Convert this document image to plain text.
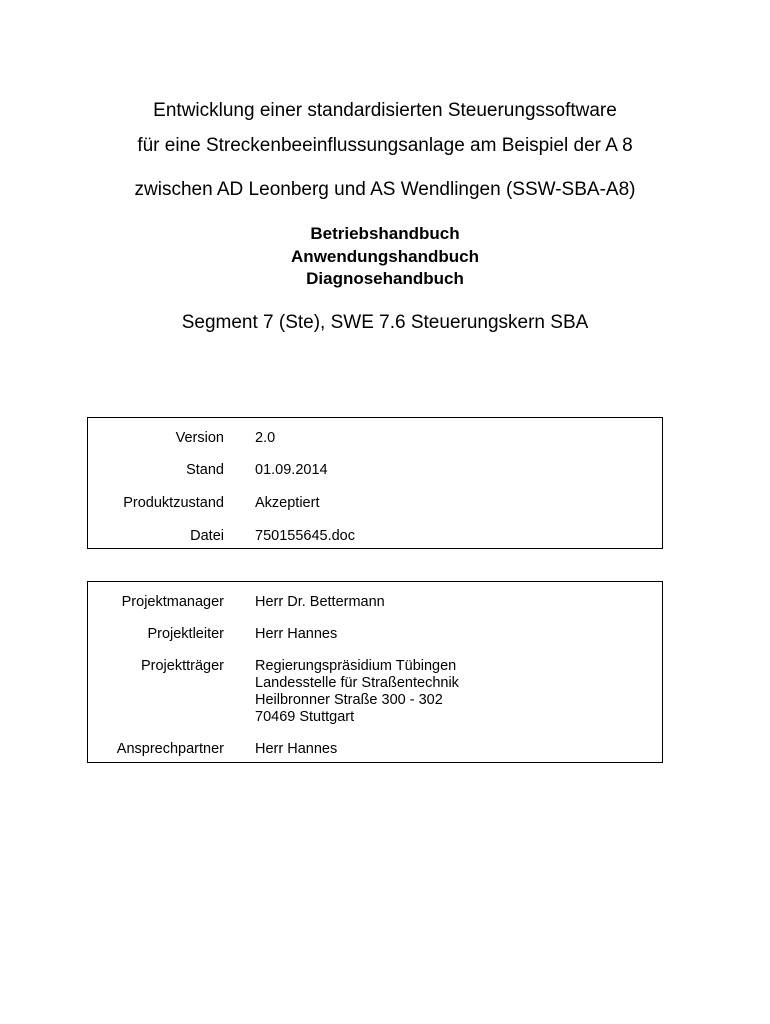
Entwicklung einer standardisierten Steuerungssoftware
für eine Streckenbeeinflussungsanlage am Beispiel der A 8
zwischen AD Leonberg und AS Wendlingen (SSW-SBA-A8)
Betriebshandbuch
Anwendungshandbuch
Diagnosehandbuch
Segment 7 (Ste), SWE 7.6 Steuerungskern SBA
Version 2.0
Stand 01.09.2014
Produktzustand Akzeptiert
Datei 750155645.doc
Projektmanager Herr Dr. Bettermann
Projektleiter Herr Hannes
Projektträger Regierungspräsidium Tübingen
Landesstelle für Straßentechnik
Heilbronner Straße 300 - 302
70469 Stuttgart
Ansprechpartner Herr Hannes
